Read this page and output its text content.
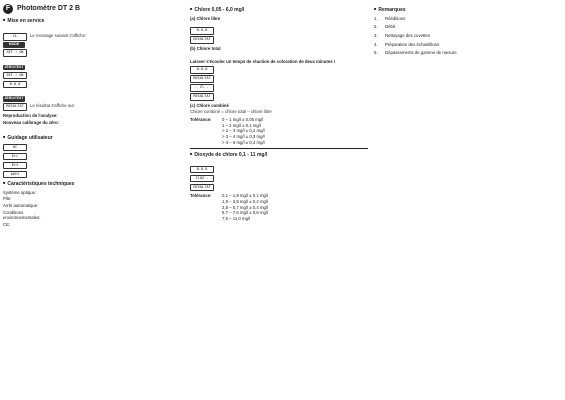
F Photomètre DT 2 B
■ Mise en service
CL	Le message suivant s'affiche:
MODE
SET ! OK
ZERO/TEST
SET ! OK
0.0.0
ZERO/TEST
RESULTAT	Le résultat s'affiche sur:
Reproduction de l'analyse:
Nouveau calibrage du zéro:
■ Guidage utilisateur
OC
Err
Ert
bAtt
■ Caractéristiques techniques
Système optique:
Pile:
Arrêt automatique:
Conditions environnementales:
CE:
■ Chlore 0,05 - 6,0 mg/l
(a) Chlore libre
0.0.0
RESULTAT
(b) Chlore total
Laisser s'écouler un temps de réaction de coloration de deux minutes !
0.0.0
RESULTAT
- Cl -
RESULTAT
(c) Chlore combiné
Chlore combiné = chlore total – chlore libre
Tolérance:	0 – 1 mg/l ± 0,05 mg/l
1 – 2 mg/l ± 0,1 mg/l
> 2 – 3 mg/l ± 0,2 mg/l
> 3 – 4 mg/l ± 0,3 mg/l
> 4 – 6 mg/l ± 0,4 mg/l
■ Dioxyde de chlore 0,1 - 11 mg/l
0.0.0
ClO2 -
RESULTAT
Tolérance:	0,1 – 1,9 mg/l ± 0,1 mg/l
1,9 – 3,8 mg/l ± 0,2 mg/l
3,8 – 5,7 mg/l ± 0,4 mg/l
5,7 – 7,6 mg/l ± 0,6 mg/l
7,6 – 11,0 mg/l
■ Remarques
1.	Rééditions
2.	Débit
3.	Nettoyage des cuvettes
4.	Préparation des échantillons
5.	Dépassements de gamme de mesure
